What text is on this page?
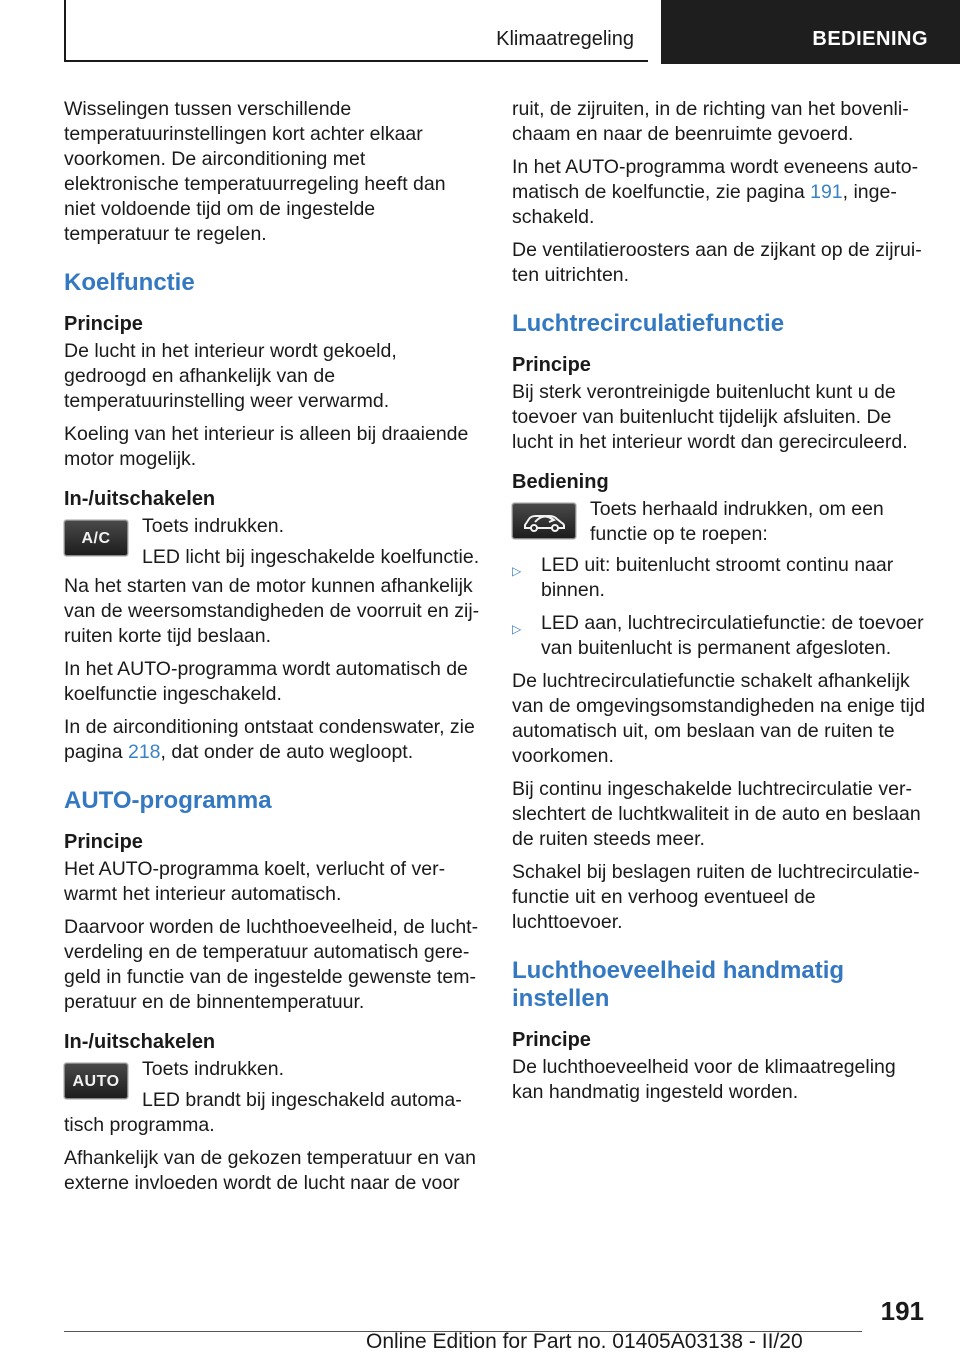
Klimaatregeling	BEDIENING

Wisselingen tussen verschillende temperatuurinstellingen kort achter elkaar voorkomen. De airconditioning met elektronische temperatuurregeling heeft dan niet voldoende tijd om de ingestelde temperatuur te regelen.

Koelfunctie
Principe

De lucht in het interieur wordt gekoeld, gedroogd en afhankelijk van de temperatuurinstelling weer verwarmd.

Koeling van het interieur is alleen bij draaiende motor mogelijk.

In-/uitschakelen
A/C

Toets indrukken.

LED licht bij ingeschakelde koelfunctie.

Na het starten van de motor kunnen afhankelijk van de weersomstandigheden de voorruit en zijruiten korte tijd beslaan.

In het AUTO-programma wordt automatisch de koelfunctie ingeschakeld.

In de airconditioning ontstaat condenswater, zie pagina 218, dat onder de auto wegloopt.

AUTO-programma
Principe

Het AUTO-programma koelt, verlucht of verwarmt het interieur automatisch.

Daarvoor worden de luchthoeveelheid, de luchtverdeling en de temperatuur automatisch geregeld in functie van de ingestelde gewenste temperatuur en de binnentemperatuur.

In-/uitschakelen
AUTO

Toets indrukken.

LED brandt bij ingeschakeld automatisch programma.

Afhankelijk van de gekozen temperatuur en van externe invloeden wordt de lucht naar de voor

ruit, de zijruiten, in de richting van het bovenlichaam en naar de beenruimte gevoerd.

In het AUTO-programma wordt eveneens automatisch de koelfunctie, zie pagina 191, ingeschakeld.

De ventilatieroosters aan de zijkant op de zijruiten uitrichten.

Luchtrecirculatiefunctie
Principe

Bij sterk verontreinigde buitenlucht kunt u de toevoer van buitenlucht tijdelijk afsluiten. De lucht in het interieur wordt dan gerecirculeerd.

Bediening

Toets herhaald indrukken, om een functie op te roepen:

▷ LED uit: buitenlucht stroomt continu naar binnen.
▷ LED aan, luchtrecirculatiefunctie: de toevoer van buitenlucht is permanent afgesloten.

De luchtrecirculatiefunctie schakelt afhankelijk van de omgevingsomstandigheden na enige tijd automatisch uit, om beslaan van de ruiten te voorkomen.

Bij continu ingeschakelde luchtrecirculatie verslechtert de luchtkwaliteit in de auto en beslaan de ruiten steeds meer.

Schakel bij beslagen ruiten de luchtrecirculatiefunctie uit en verhoog eventueel de luchttoevoer.

Luchthoeveelheid handmatig instellen
Principe

De luchthoeveelheid voor de klimaatregeling kan handmatig ingesteld worden.

191
Online Edition for Part no. 01405A03138 - II/20
